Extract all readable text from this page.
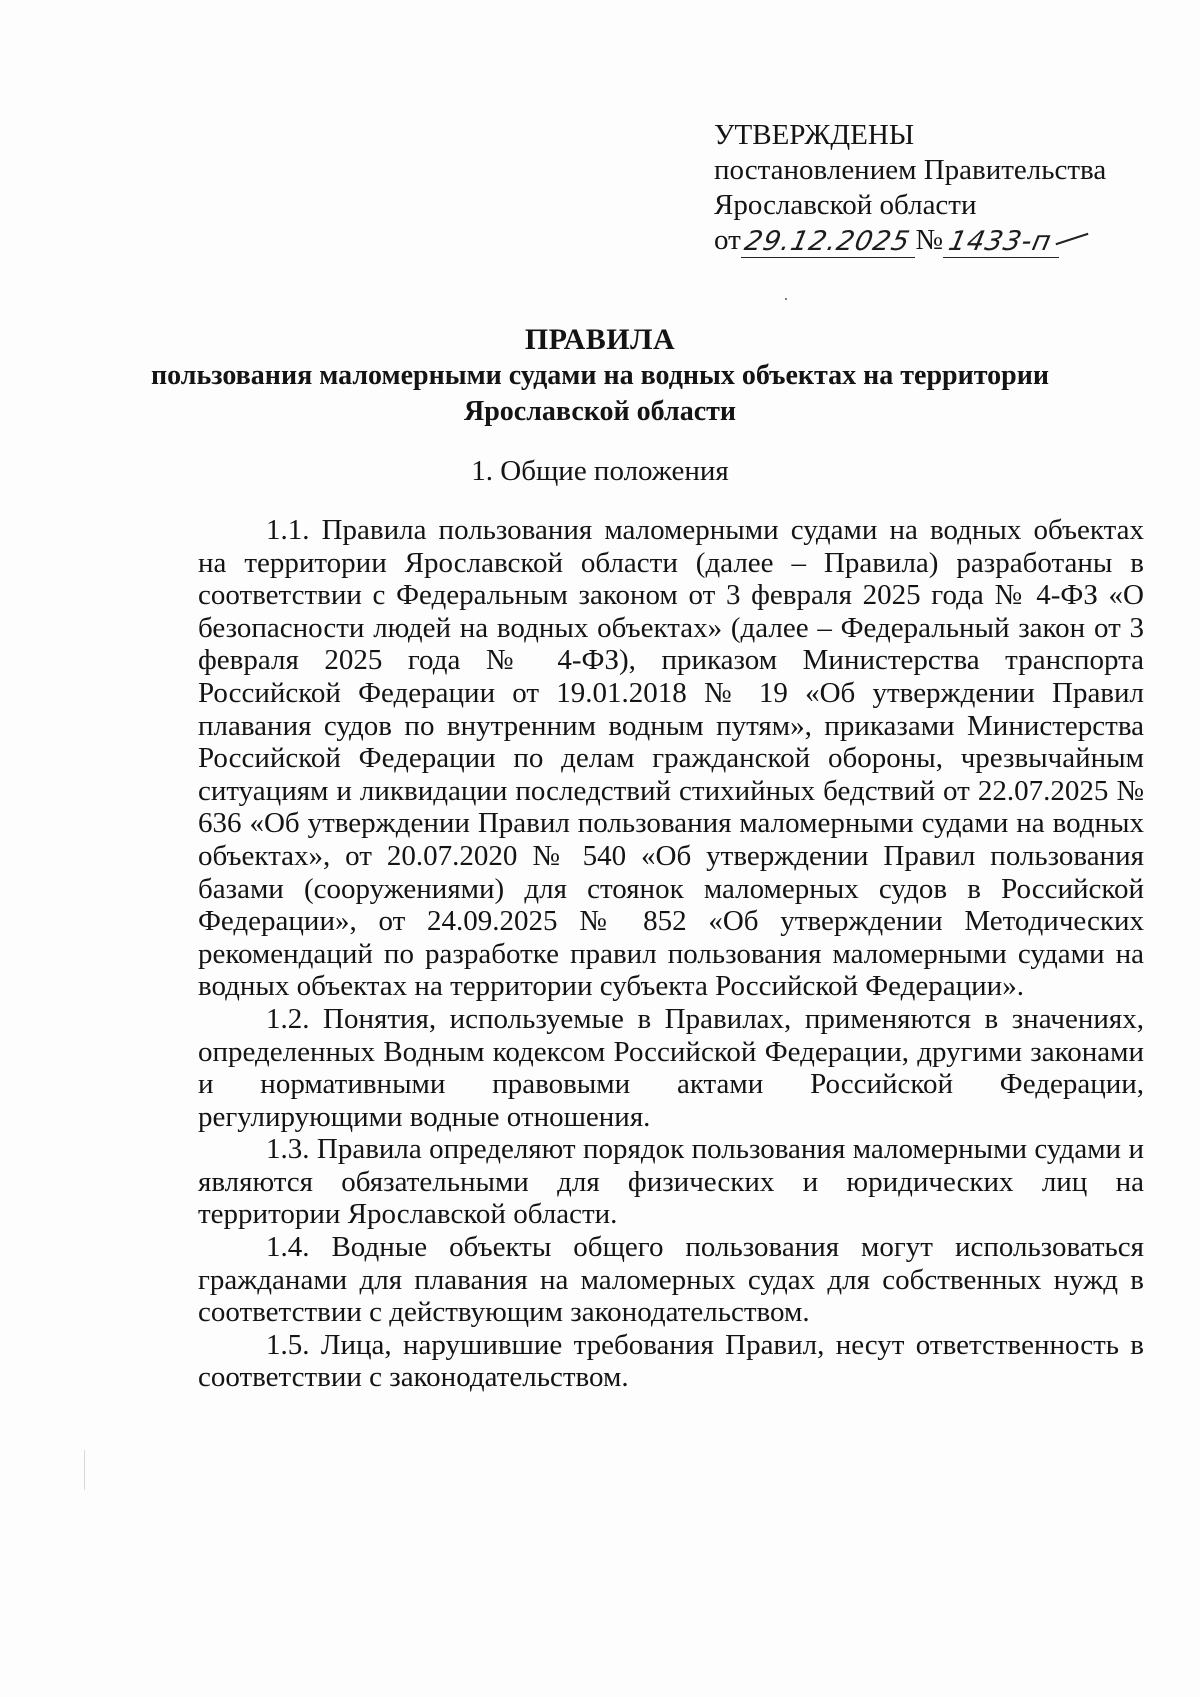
УТВЕРЖДЕНЫ
постановлением Правительства
Ярославской области
от 29.12.2025 № 1433-п
ПРАВИЛА
пользования маломерными судами на водных объектах на территории
Ярославской области
1. Общие положения

1.1. Правила пользования маломерными судами на водных объектах на территории Ярославской области (далее – Правила) разработаны в соответствии с Федеральным законом от 3 февраля 2025 года № 4-ФЗ «О безопасности людей на водных объектах» (далее – Федеральный закон от 3 февраля 2025 года № 4-ФЗ), приказом Министерства транспорта Российской Федерации от 19.01.2018 № 19 «Об утверждении Правил плавания судов по внутренним водным путям», приказами Министерства Российской Федерации по делам гражданской обороны, чрезвычайным ситуациям и ликвидации последствий стихийных бедствий от 22.07.2025 № 636 «Об утверждении Правил пользования маломерными судами на водных объектах», от 20.07.2020 № 540 «Об утверждении Правил пользования базами (сооружениями) для стоянок маломерных судов в Российской Федерации», от 24.09.2025 № 852 «Об утверждении Методических рекомендаций по разработке правил пользования маломерными судами на водных объектах на территории субъекта Российской Федерации».

1.2. Понятия, используемые в Правилах, применяются в значениях, определенных Водным кодексом Российской Федерации, другими законами и нормативными правовыми актами Российской Федерации, регулирующими водные отношения.

1.3. Правила определяют порядок пользования маломерными судами и являются обязательными для физических и юридических лиц на территории Ярославской области.

1.4. Водные объекты общего пользования могут использоваться гражданами для плавания на маломерных судах для собственных нужд в соответствии с действующим законодательством.

1.5. Лица, нарушившие требования Правил, несут ответственность в соответствии с законодательством.
